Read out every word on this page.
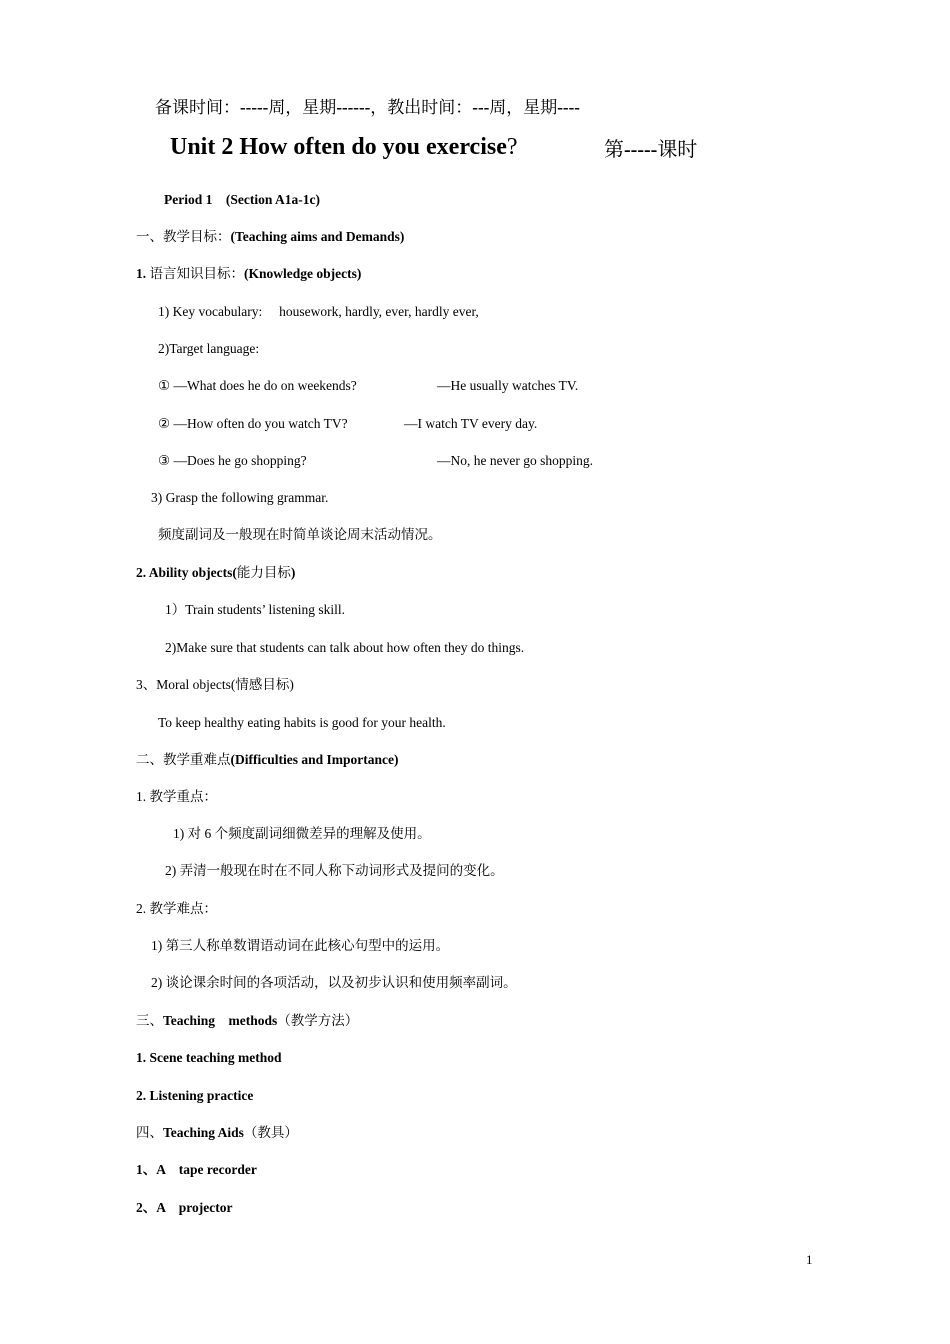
备课时间：-----周，星期------，教出时间：---周，星期----
Unit 2 How often do you exercise?	第-----课时
Period 1　(Section A1a-1c)
一、教学目标：(Teaching aims and Demands)
1. 语言知识目标：(Knowledge objects)
1) Key vocabulary:　 housework, hardly, ever, hardly ever,
2)Target language:
① —What does he do on weekends?	—He usually watches TV.
② —How often do you watch TV?	—I watch TV every day.
③ —Does he go shopping?	—No, he never go shopping.
3) Grasp the following grammar.
频度副词及一般现在时简单谈论周末活动情况。
2. Ability objects(能力目标)
1）Train students’ listening skill.
2)Make sure that students can talk about how often they do things.
3、Moral objects(情感目标)
To keep healthy eating habits is good for your health.
二、教学重难点(Difficulties and Importance)
1. 教学重点：
1) 对 6 个频度副词细微差异的理解及使用。
2) 弄清一般现在时在不同人称下动词形式及提问的变化。
2. 教学难点：
1) 第三人称单数谓语动词在此核心句型中的运用。
2) 谈论课余时间的各项活动，以及初步认识和使用频率副词。
三、Teaching　methods（教学方法）
1. Scene teaching method
2. Listening practice
四、Teaching Aids（教具）
1、A　tape recorder
2、A　projector
1
